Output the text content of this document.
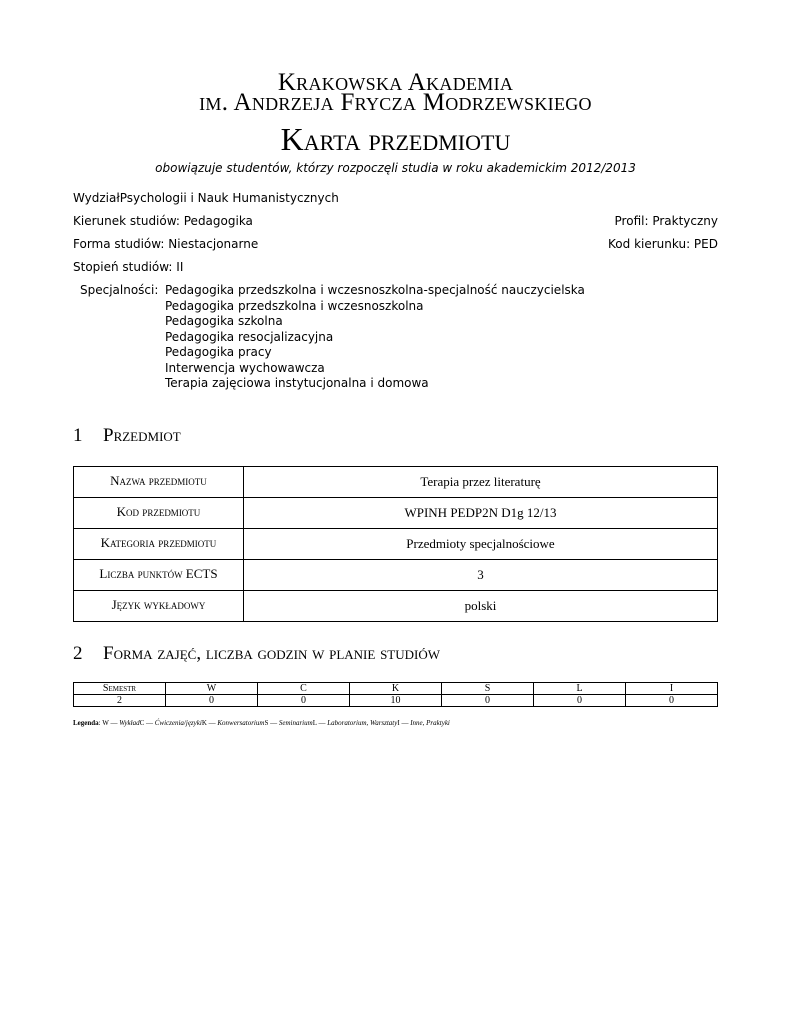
Krakowska Akademia
im. Andrzeja Frycza Modrzewskiego
Karta przedmiotu
obowiązuje studentów, którzy rozpoczęli studia w roku akademickim 2012/2013
WydziałPsychologii i Nauk Humanistycznych
Kierunek studiów: Pedagogika	Profil: Praktyczny
Forma studiów: Niestacjonarne	Kod kierunku: PED
Stopień studiów: II
Specjalności: Pedagogika przedszkolna i wczesnoszkolna-specjalność nauczycielska
Pedagogika przedszkolna i wczesnoszkolna
Pedagogika szkolna
Pedagogika resocjalizacyjna
Pedagogika pracy
Interwencja wychowawcza
Terapia zajęciowa instytucjonalna i domowa
1 Przedmiot
Nazwa przedmiotu	Terapia przez literaturę
Kod przedmiotu	WPINH PEDP2N D1g 12/13
Kategoria przedmiotu	Przedmioty specjalnościowe
Liczba punktów ECTS	3
Język wykładowy	polski
2 Forma zajęć, liczba godzin w planie studiów
Semestr	W	C	K	S	L	I
2	0	0	10	0	0	0
Legenda: W — WykładC — Ćwiczenia/językiK — KonwersatoriumS — SeminariumL — Laboratorium, WarsztatyI — Inne, Praktyki
